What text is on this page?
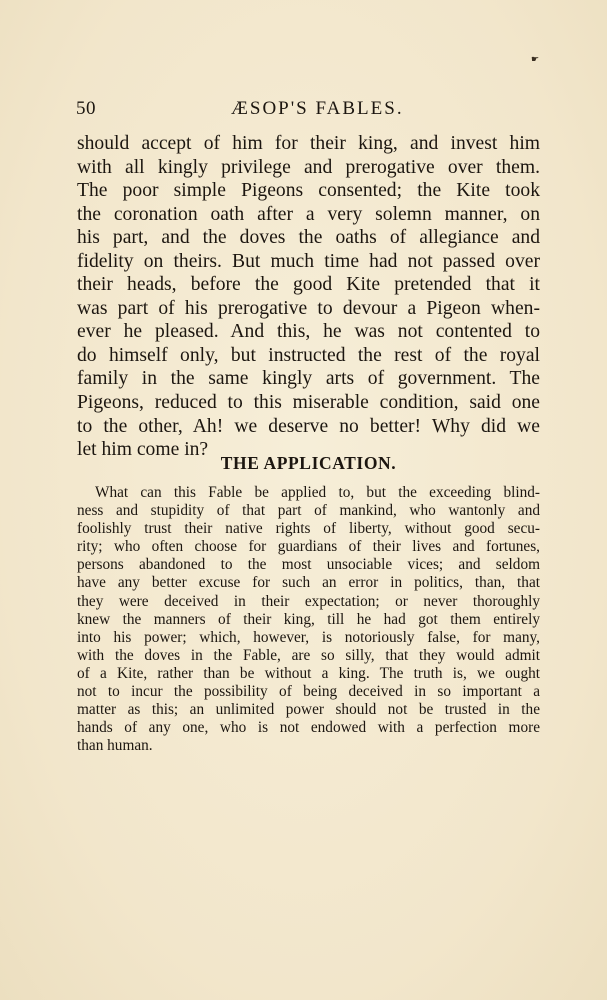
☛
50	ÆSOP'S FABLES.
should accept of him for their king, and invest him
with all kingly privilege and prerogative over them.
The poor simple Pigeons consented; the Kite took
the coronation oath after a very solemn manner, on
his part, and the doves the oaths of allegiance and
fidelity on theirs. But much time had not passed over
their heads, before the good Kite pretended that it
was part of his prerogative to devour a Pigeon when-
ever he pleased. And this, he was not contented to
do himself only, but instructed the rest of the royal
family in the same kingly arts of government. The
Pigeons, reduced to this miserable condition, said one
to the other, Ah! we deserve no better! Why did we
let him come in?
THE APPLICATION.
What can this Fable be applied to, but the exceeding blind-
ness and stupidity of that part of mankind, who wantonly and
foolishly trust their native rights of liberty, without good secu-
rity; who often choose for guardians of their lives and fortunes,
persons abandoned to the most unsociable vices; and seldom
have any better excuse for such an error in politics, than, that
they were deceived in their expectation; or never thoroughly
knew the manners of their king, till he had got them entirely
into his power; which, however, is notoriously false, for many,
with the doves in the Fable, are so silly, that they would admit
of a Kite, rather than be without a king. The truth is, we ought
not to incur the possibility of being deceived in so important a
matter as this; an unlimited power should not be trusted in the
hands of any one, who is not endowed with a perfection more
than human.
